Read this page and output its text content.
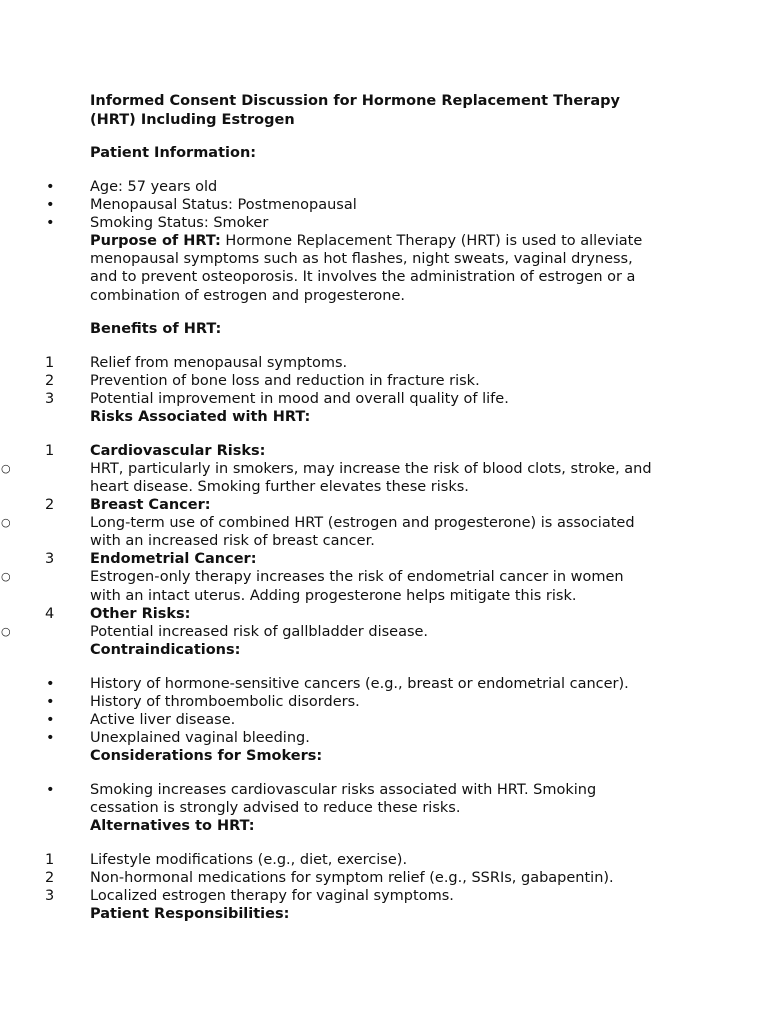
Informed Consent Discussion for Hormone Replacement Therapy
(HRT) Including Estrogen
Patient Information:
• Age: 57 years old
• Menopausal Status: Postmenopausal
• Smoking Status: Smoker
Purpose of HRT: Hormone Replacement Therapy (HRT) is used to alleviate
menopausal symptoms such as hot flashes, night sweats, vaginal dryness,
and to prevent osteoporosis. It involves the administration of estrogen or a
combination of estrogen and progesterone.
Benefits of HRT:
1 Relief from menopausal symptoms.
2 Prevention of bone loss and reduction in fracture risk.
3 Potential improvement in mood and overall quality of life.
Risks Associated with HRT:
1 Cardiovascular Risks:
○	HRT, particularly in smokers, may increase the risk of blood clots, stroke, and
heart disease. Smoking further elevates these risks.
2 Breast Cancer:
○	Long-term use of combined HRT (estrogen and progesterone) is associated
with an increased risk of breast cancer.
3 Endometrial Cancer:
○	Estrogen-only therapy increases the risk of endometrial cancer in women
with an intact uterus. Adding progesterone helps mitigate this risk.
4 Other Risks:
○	Potential increased risk of gallbladder disease.
Contraindications:
• History of hormone-sensitive cancers (e.g., breast or endometrial cancer).
• History of thromboembolic disorders.
• Active liver disease.
• Unexplained vaginal bleeding.
Considerations for Smokers:
• Smoking increases cardiovascular risks associated with HRT. Smoking
cessation is strongly advised to reduce these risks.
Alternatives to HRT:
1 Lifestyle modifications (e.g., diet, exercise).
2 Non-hormonal medications for symptom relief (e.g., SSRIs, gabapentin).
3 Localized estrogen therapy for vaginal symptoms.
Patient Responsibilities:
